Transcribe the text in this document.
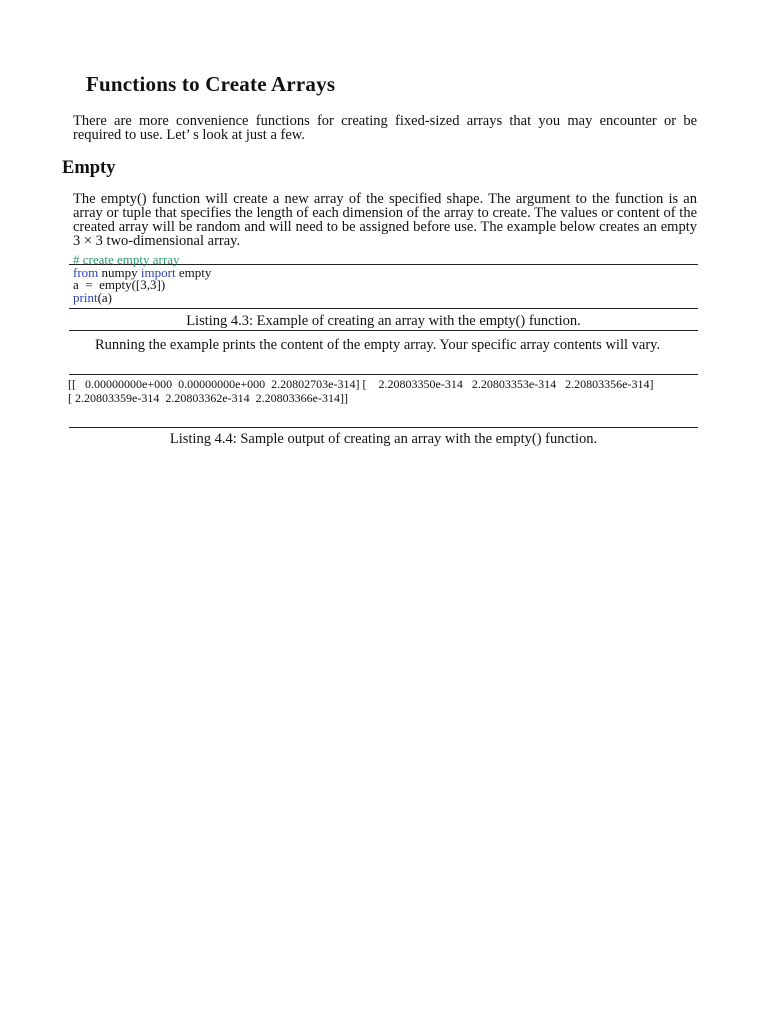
Functions to Create Arrays

There are more convenience functions for creating fixed-sized arrays that you may encounter or be required to use. Let’ s look at just a few.

Empty

The empty() function will create a new array of the specified shape. The argument to the function is an array or tuple that specifies the length of each dimension of the array to create. The values or content of the created array will be random and will need to be assigned before use. The example below creates an empty 3 × 3 two-dimensional array.

# create empty array
from numpy import empty
a  =  empty([3,3])
print(a)

Listing 4.3: Example of creating an array with the empty() function.

Running the example prints the content of the empty array. Your specific array contents will vary.

[[   0.00000000e+000  0.00000000e+000  2.20802703e-314] [    2.20803350e-314   2.20803353e-314   2.20803356e-314]
[ 2.20803359e-314  2.20803362e-314  2.20803366e-314]]

Listing 4.4: Sample output of creating an array with the empty() function.
